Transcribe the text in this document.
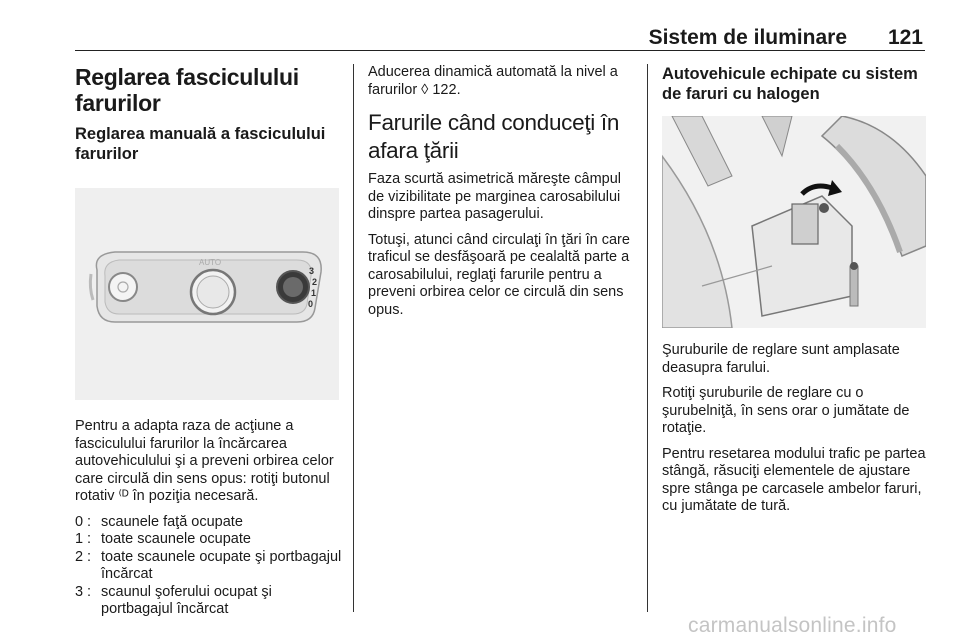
Sistem de iluminare 121
Reglarea fasciculului farurilor
Reglarea manuală a fasciculului farurilor
AUTO
3
2
1
0

Pentru a adapta raza de acţiune a fasciculului farurilor la încărcarea autovehiculului şi a preveni orbirea celor care circulă din sens opus: rotiţi butonul rotativ ⁽ᴰ în poziţia necesară.

0 : scaunele faţă ocupate
1 : toate scaunele ocupate
2 : toate scaunele ocupate şi portbagajul încărcat
3 : scaunul şoferului ocupat şi portbagajul încărcat

Aducerea dinamică automată la nivel a farurilor ◊ 122.

Farurile când conduceţi în afara ţării

Faza scurtă asimetrică măreşte câmpul de vizibilitate pe marginea carosabilului dinspre partea pasagerului.

Totuşi, atunci când circulaţi în ţări în care traficul se desfăşoară pe cealaltă parte a carosabilului, reglaţi farurile pentru a preveni orbirea celor ce circulă din sens opus.

Autovehicule echipate cu sistem de faruri cu halogen

Şuruburile de reglare sunt amplasate deasupra farului.

Rotiţi şuruburile de reglare cu o şurubelniţă, în sens orar o jumătate de rotaţie.

Pentru resetarea modului trafic pe partea stângă, răsuciţi elementele de ajustare spre stânga pe carcasele ambelor faruri, cu jumătate de tură.

carmanualsonline.info
